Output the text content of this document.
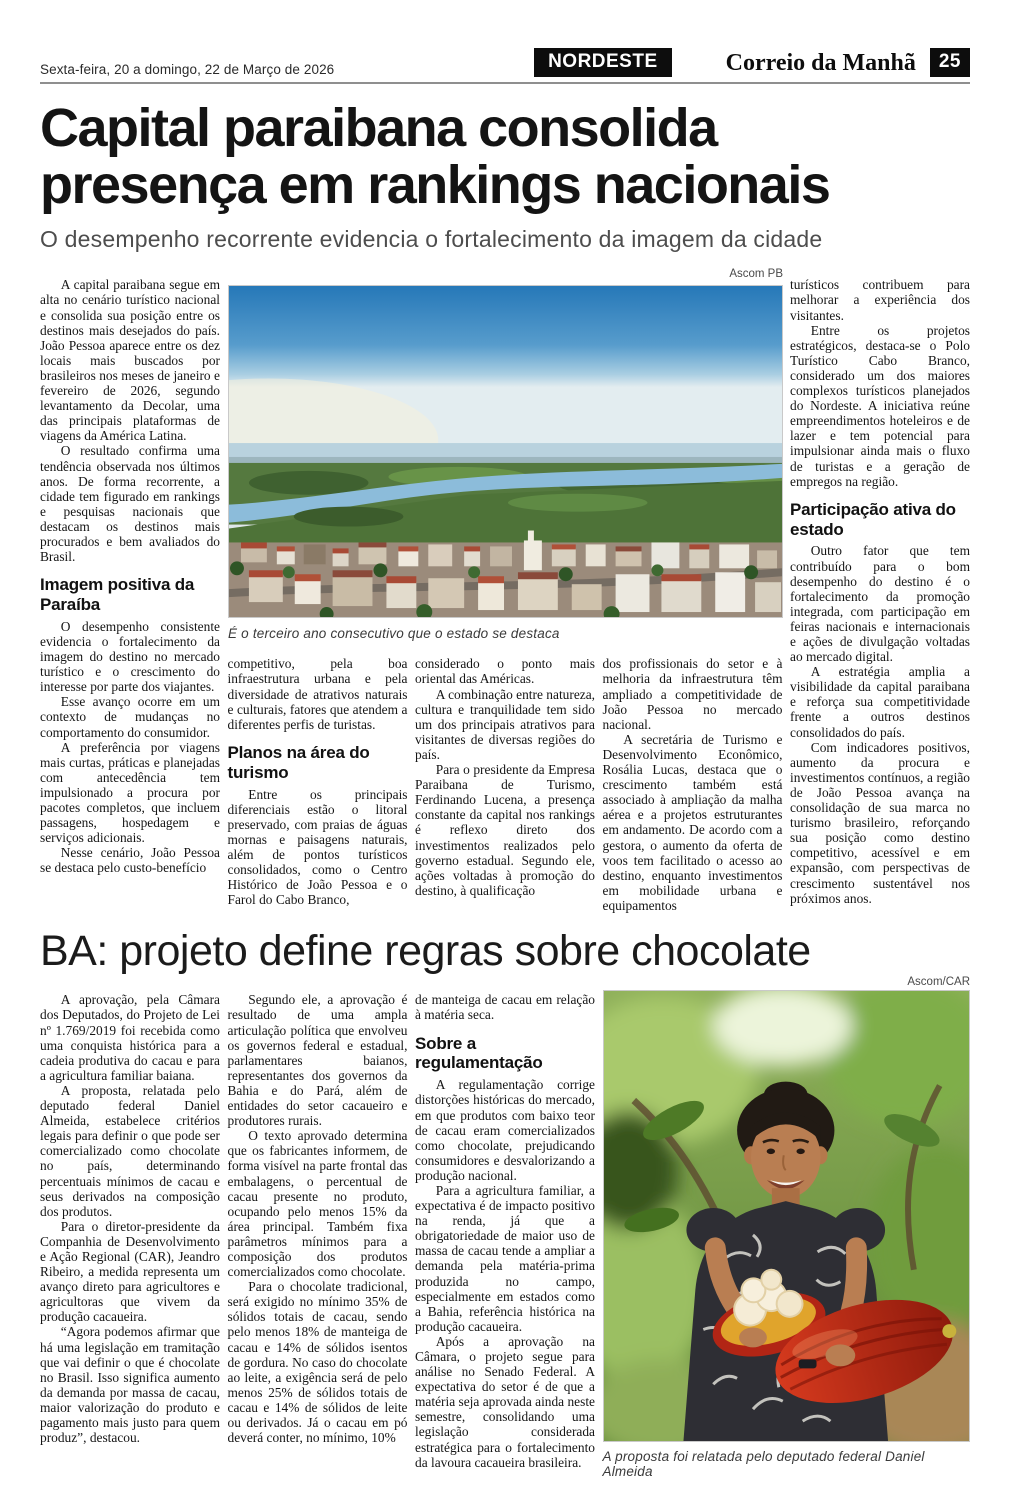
Sexta-feira, 20 a domingo, 22 de Março de 2026	NORDESTE	Correio da Manhã	25
Capital paraibana consolida
presença em rankings nacionais
O desempenho recorrente evidencia o fortalecimento da imagem da cidade
Ascom PB
É o terceiro ano consecutivo que o estado se destaca

A capital paraibana segue em alta no cenário turístico nacional e consolida sua posição entre os destinos mais desejados do país. João Pessoa aparece entre os dez locais mais buscados por brasileiros nos meses de janeiro e fevereiro de 2026, segundo levantamento da Decolar, uma das principais plataformas de viagens da América Latina.

O resultado confirma uma tendência observada nos últimos anos. De forma recorrente, a cidade tem figurado em rankings e pesquisas nacionais que destacam os destinos mais procurados e bem avaliados do Brasil.

Imagem positiva da Paraíba

O desempenho consistente evidencia o fortalecimento da imagem do destino no mercado turístico e o crescimento do interesse por parte dos viajantes.

Esse avanço ocorre em um contexto de mudanças no comportamento do consumidor.

A preferência por viagens mais curtas, práticas e planejadas com antecedência tem impulsionado a procura por pacotes completos, que incluem passagens, hospedagem e serviços adicionais.

Nesse cenário, João Pessoa se destaca pelo custo-benefício

competitivo, pela boa infraestrutura urbana e pela diversidade de atrativos naturais e culturais, fatores que atendem a diferentes perfis de turistas.

Planos na área do turismo

Entre os principais diferenciais estão o litoral preservado, com praias de águas mornas e paisagens naturais, além de pontos turísticos consolidados, como o Centro Histórico de João Pessoa e o Farol do Cabo Branco,

considerado o ponto mais oriental das Américas.

A combinação entre natureza, cultura e tranquilidade tem sido um dos principais atrativos para visitantes de diversas regiões do país.

Para o presidente da Empresa Paraibana de Turismo, Ferdinando Lucena, a presença constante da capital nos rankings é reflexo direto dos investimentos realizados pelo governo estadual. Segundo ele, ações voltadas à promoção do destino, à qualificação

dos profissionais do setor e à melhoria da infraestrutura têm ampliado a competitividade de João Pessoa no mercado nacional.

A secretária de Turismo e Desenvolvimento Econômico, Rosália Lucas, destaca que o crescimento também está associado à ampliação da malha aérea e a projetos estruturantes em andamento. De acordo com a gestora, o aumento da oferta de voos tem facilitado o acesso ao destino, enquanto investimentos em mobilidade urbana e equipamentos

turísticos contribuem para melhorar a experiência dos visitantes.

Entre os projetos estratégicos, destaca-se o Polo Turístico Cabo Branco, considerado um dos maiores complexos turísticos planejados do Nordeste. A iniciativa reúne empreendimentos hoteleiros e de lazer e tem potencial para impulsionar ainda mais o fluxo de turistas e a geração de empregos na região.

Participação ativa do estado

Outro fator que tem contribuído para o bom desempenho do destino é o fortalecimento da promoção integrada, com participação em feiras nacionais e internacionais e ações de divulgação voltadas ao mercado digital.

A estratégia amplia a visibilidade da capital paraibana e reforça sua competitividade frente a outros destinos consolidados do país.

Com indicadores positivos, aumento da procura e investimentos contínuos, a região de João Pessoa avança na consolidação de sua marca no turismo brasileiro, reforçando sua posição como destino competitivo, acessível e em expansão, com perspectivas de crescimento sustentável nos próximos anos.

BA: projeto define regras sobre chocolate
Ascom/CAR

A aprovação, pela Câmara dos Deputados, do Projeto de Lei nº 1.769/2019 foi recebida como uma conquista histórica para a cadeia produtiva do cacau e para a agricultura familiar baiana.

A proposta, relatada pelo deputado federal Daniel Almeida, estabelece critérios legais para definir o que pode ser comercializado como chocolate no país, determinando percentuais mínimos de cacau e seus derivados na composição dos produtos.

Para o diretor-presidente da Companhia de Desenvolvimento e Ação Regional (CAR), Jeandro Ribeiro, a medida representa um avanço direto para agricultores e agricultoras que vivem da produção cacaueira.

“Agora podemos afirmar que há uma legislação em tramitação que vai definir o que é chocolate no Brasil. Isso significa aumento da demanda por massa de cacau, maior valorização do produto e pagamento mais justo para quem produz”, destacou.

Segundo ele, a aprovação é resultado de uma ampla articulação política que envolveu os governos federal e estadual, parlamentares baianos, representantes dos governos da Bahia e do Pará, além de entidades do setor cacaueiro e produtores rurais.

O texto aprovado determina que os fabricantes informem, de forma visível na parte frontal das embalagens, o percentual de cacau presente no produto, ocupando pelo menos 15% da área principal. Também fixa parâmetros mínimos para a composição dos produtos comercializados como chocolate.

Para o chocolate tradicional, será exigido no mínimo 35% de sólidos totais de cacau, sendo pelo menos 18% de manteiga de cacau e 14% de sólidos isentos de gordura. No caso do chocolate ao leite, a exigência será de pelo menos 25% de sólidos totais de cacau e 14% de sólidos de leite ou derivados. Já o cacau em pó deverá conter, no mínimo, 10%

de manteiga de cacau em relação à matéria seca.

Sobre a regulamentação

A regulamentação corrige distorções históricas do mercado, em que produtos com baixo teor de cacau eram comercializados como chocolate, prejudicando consumidores e desvalorizando a produção nacional.

Para a agricultura familiar, a expectativa é de impacto positivo na renda, já que a obrigatoriedade de maior uso de massa de cacau tende a ampliar a demanda pela matéria-prima produzida no campo, especialmente em estados como a Bahia, referência histórica na produção cacaueira.

Após a aprovação na Câmara, o projeto segue para análise no Senado Federal. A expectativa do setor é de que a matéria seja aprovada ainda neste semestre, consolidando uma legislação considerada estratégica para o fortalecimento da lavoura cacaueira brasileira.	A proposta foi relatada pelo deputado federal Daniel Almeida
